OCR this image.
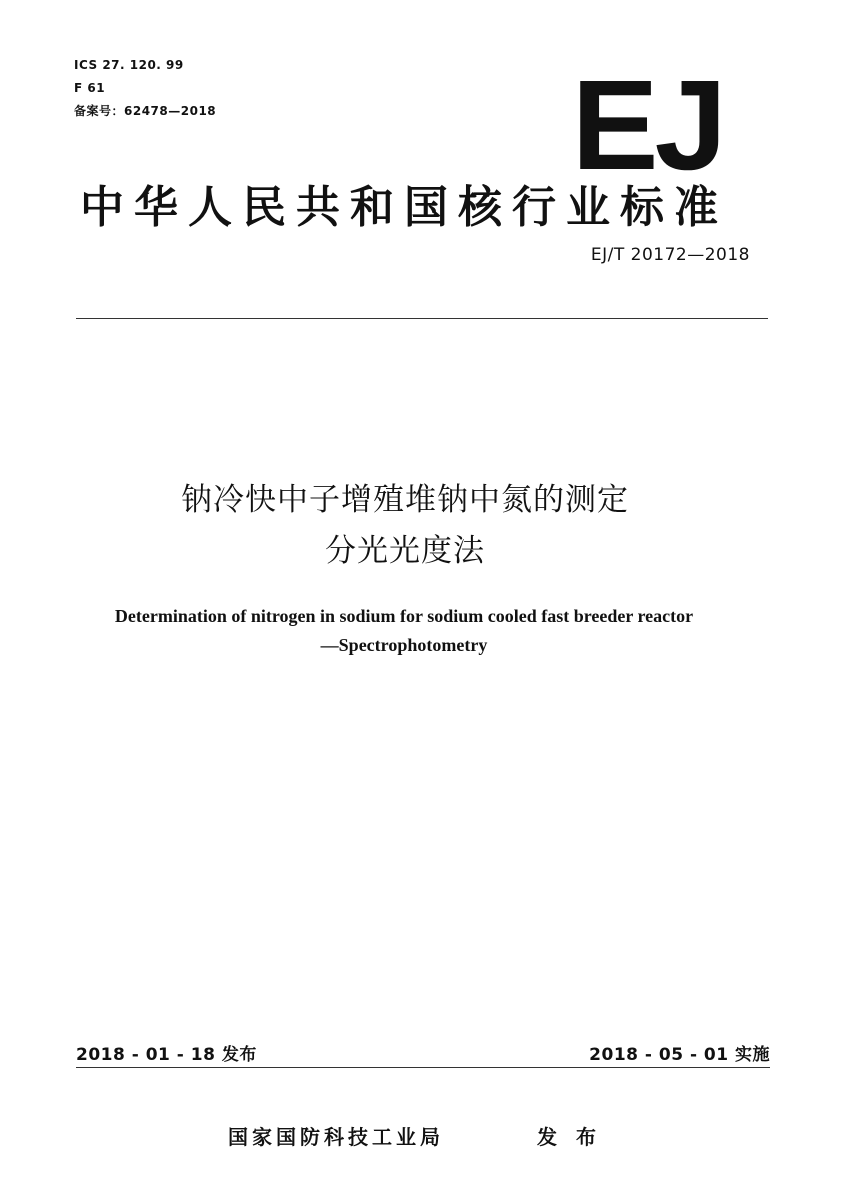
ICS 27. 120. 99
F 61
备案号：62478—2018	EJ
中华人民共和国核行业标准
EJ/T 20172—2018
钠冷快中子增殖堆钠中氮的测定
分光光度法
Determination of nitrogen in sodium for sodium cooled fast breeder reactor
—Spectrophotometry
2018 - 01 - 18 发布	2018 - 05 - 01 实施
国家国防科技工业局	发 布
